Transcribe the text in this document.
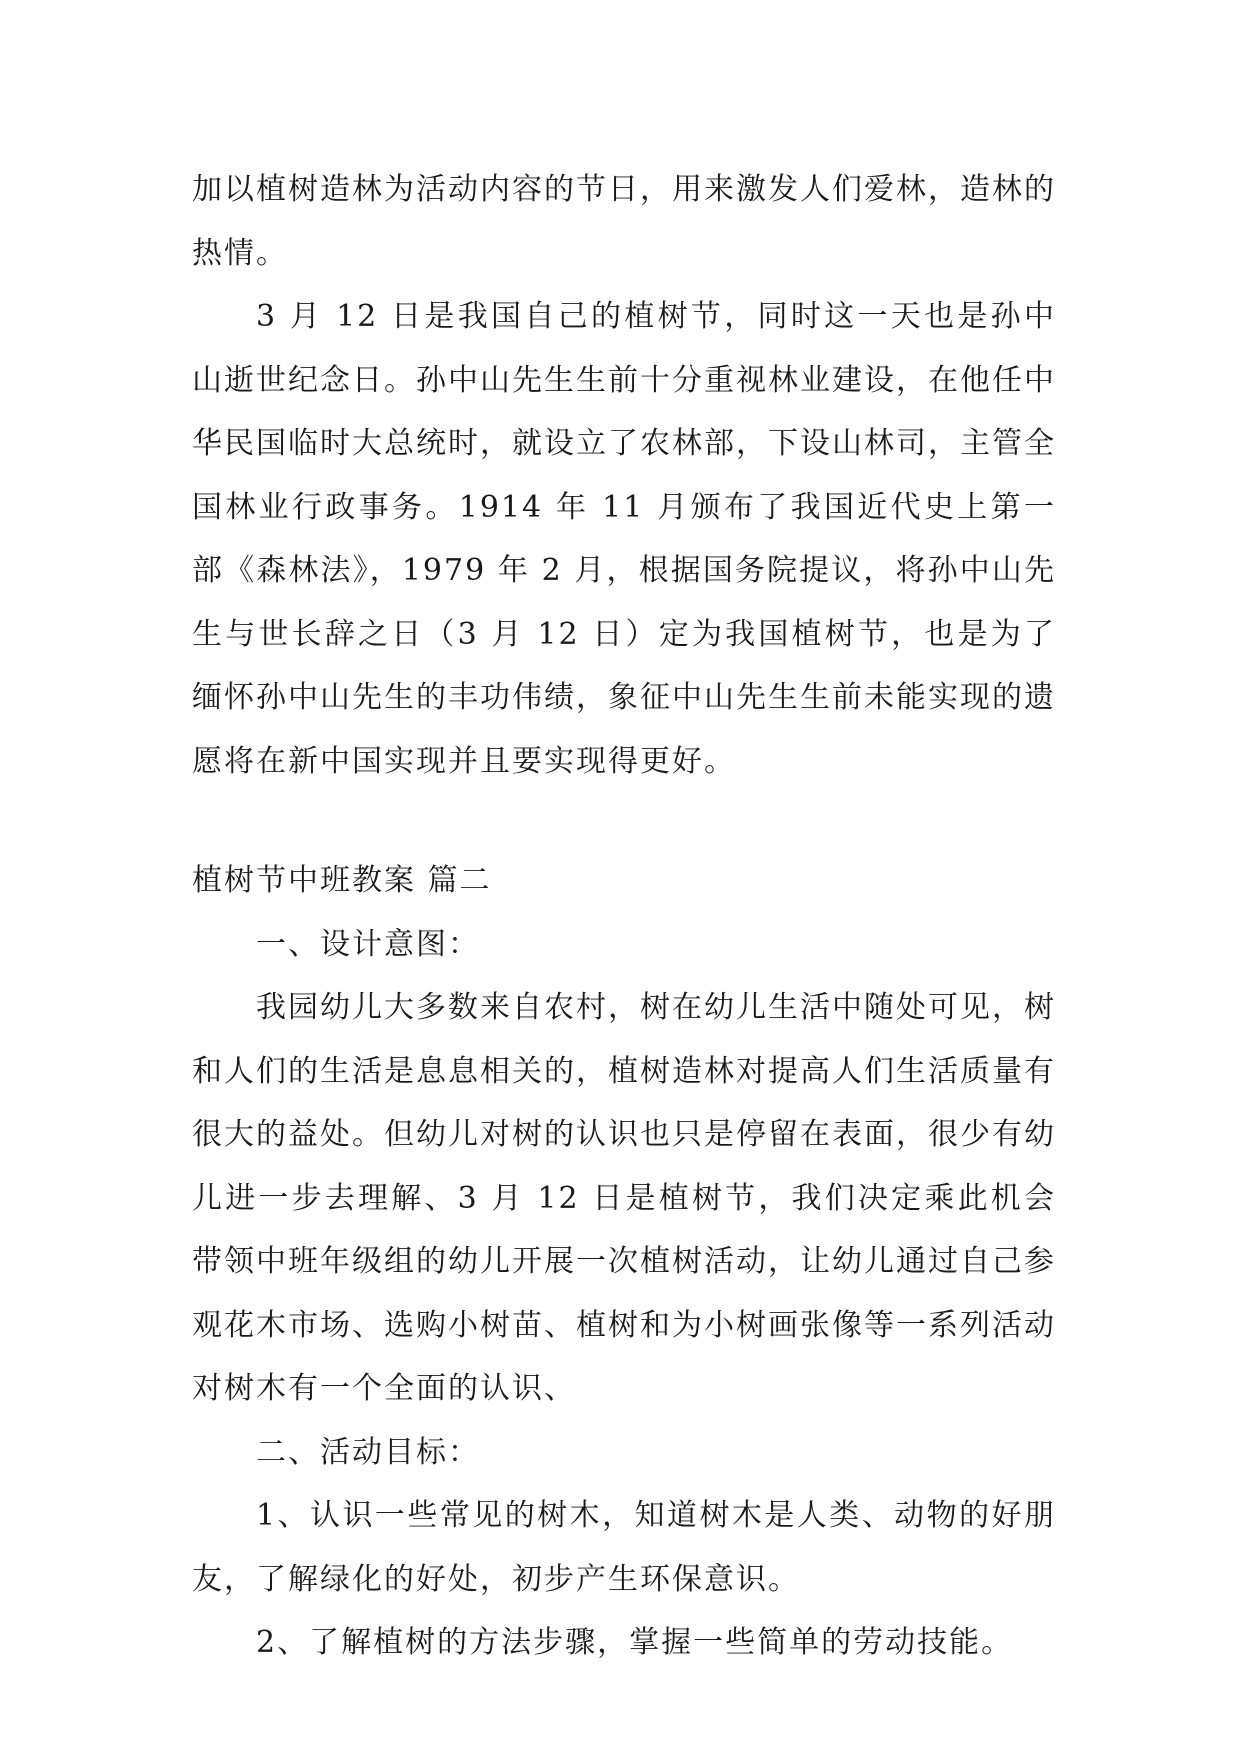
加以植树造林为活动内容的节日，用来激发人们爱林，造林的热情。

3 月 12 日是我国自己的植树节，同时这一天也是孙中山逝世纪念日。孙中山先生生前十分重视林业建设，在他任中华民国临时大总统时，就设立了农林部，下设山林司，主管全国林业行政事务。1914 年 11 月颁布了我国近代史上第一部《森林法》，1979 年 2 月，根据国务院提议，将孙中山先生与世长辞之日（3 月 12 日）定为我国植树节，也是为了缅怀孙中山先生的丰功伟绩，象征中山先生生前未能实现的遗愿将在新中国实现并且要实现得更好。

植树节中班教案 篇二

一、设计意图：

我园幼儿大多数来自农村，树在幼儿生活中随处可见，树和人们的生活是息息相关的，植树造林对提高人们生活质量有很大的益处。但幼儿对树的认识也只是停留在表面，很少有幼儿进一步去理解、3 月 12 日是植树节，我们决定乘此机会带领中班年级组的幼儿开展一次植树活动，让幼儿通过自己参观花木市场、选购小树苗、植树和为小树画张像等一系列活动对树木有一个全面的认识、

二、活动目标：

1、认识一些常见的树木，知道树木是人类、动物的好朋友，了解绿化的好处，初步产生环保意识。

2、了解植树的方法步骤，掌握一些简单的劳动技能。
